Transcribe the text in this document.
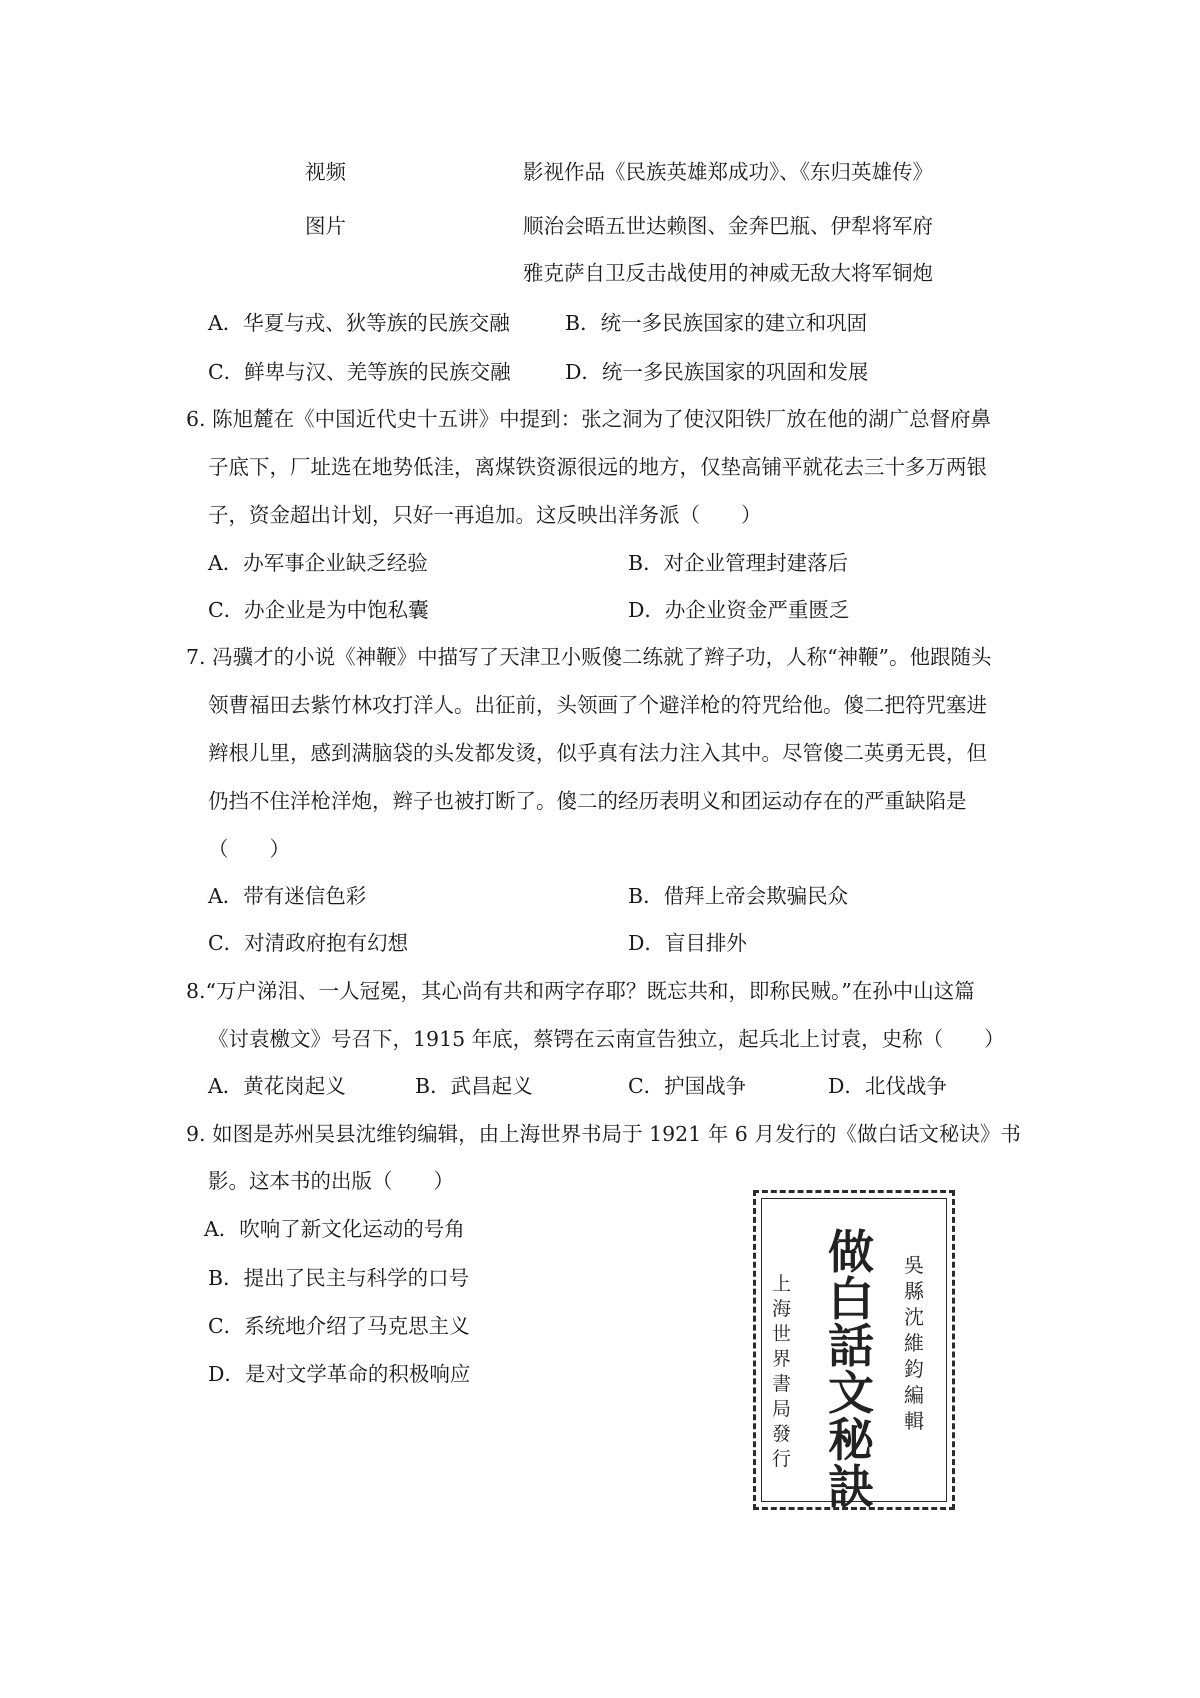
视频	影视作品《民族英雄郑成功》、《东归英雄传》
图片	顺治会晤五世达赖图、金奔巴瓶、伊犁将军府
雅克萨自卫反击战使用的神威无敌大将军铜炮
A．华夏与戎、狄等族的民族交融	B．统一多民族国家的建立和巩固
C．鲜卑与汉、羌等族的民族交融	D．统一多民族国家的巩固和发展
6. 陈旭麓在《中国近代史十五讲》中提到：张之洞为了使汉阳铁厂放在他的湖广总督府鼻
子底下，厂址选在地势低洼，离煤铁资源很远的地方，仅垫高铺平就花去三十多万两银
子，资金超出计划，只好一再追加。这反映出洋务派（　　）
A．办军事企业缺乏经验	B．对企业管理封建落后
C．办企业是为中饱私囊	D．办企业资金严重匮乏
7. 冯骥才的小说《神鞭》中描写了天津卫小贩傻二练就了辫子功，人称“神鞭”。他跟随头
领曹福田去紫竹林攻打洋人。出征前，头领画了个避洋枪的符咒给他。傻二把符咒塞进
辫根儿里，感到满脑袋的头发都发烫，似乎真有法力注入其中。尽管傻二英勇无畏，但
仍挡不住洋枪洋炮，辫子也被打断了。傻二的经历表明义和团运动存在的严重缺陷是
（　　）
A．带有迷信色彩	B．借拜上帝会欺骗民众
C．对清政府抱有幻想	D．盲目排外
8.“万户涕泪、一人冠冕，其心尚有共和两字存耶？既忘共和，即称民贼。”在孙中山这篇
《讨袁檄文》号召下，1915 年底，蔡锷在云南宣告独立，起兵北上讨袁，史称（　　）
A．黄花岗起义	B．武昌起义	C．护国战争	D．北伐战争
9. 如图是苏州吴县沈维钧编辑，由上海世界书局于 1921 年 6 月发行的《做白话文秘诀》书
影。这本书的出版（　　）
A．吹响了新文化运动的号角
B．提出了民主与科学的口号
C．系统地介绍了马克思主义
D．是对文学革命的积极响应
吳
縣
沈
維
鈞
編
輯
做
白
話
文
秘
訣
上
海
世
界
書
局
發
行
